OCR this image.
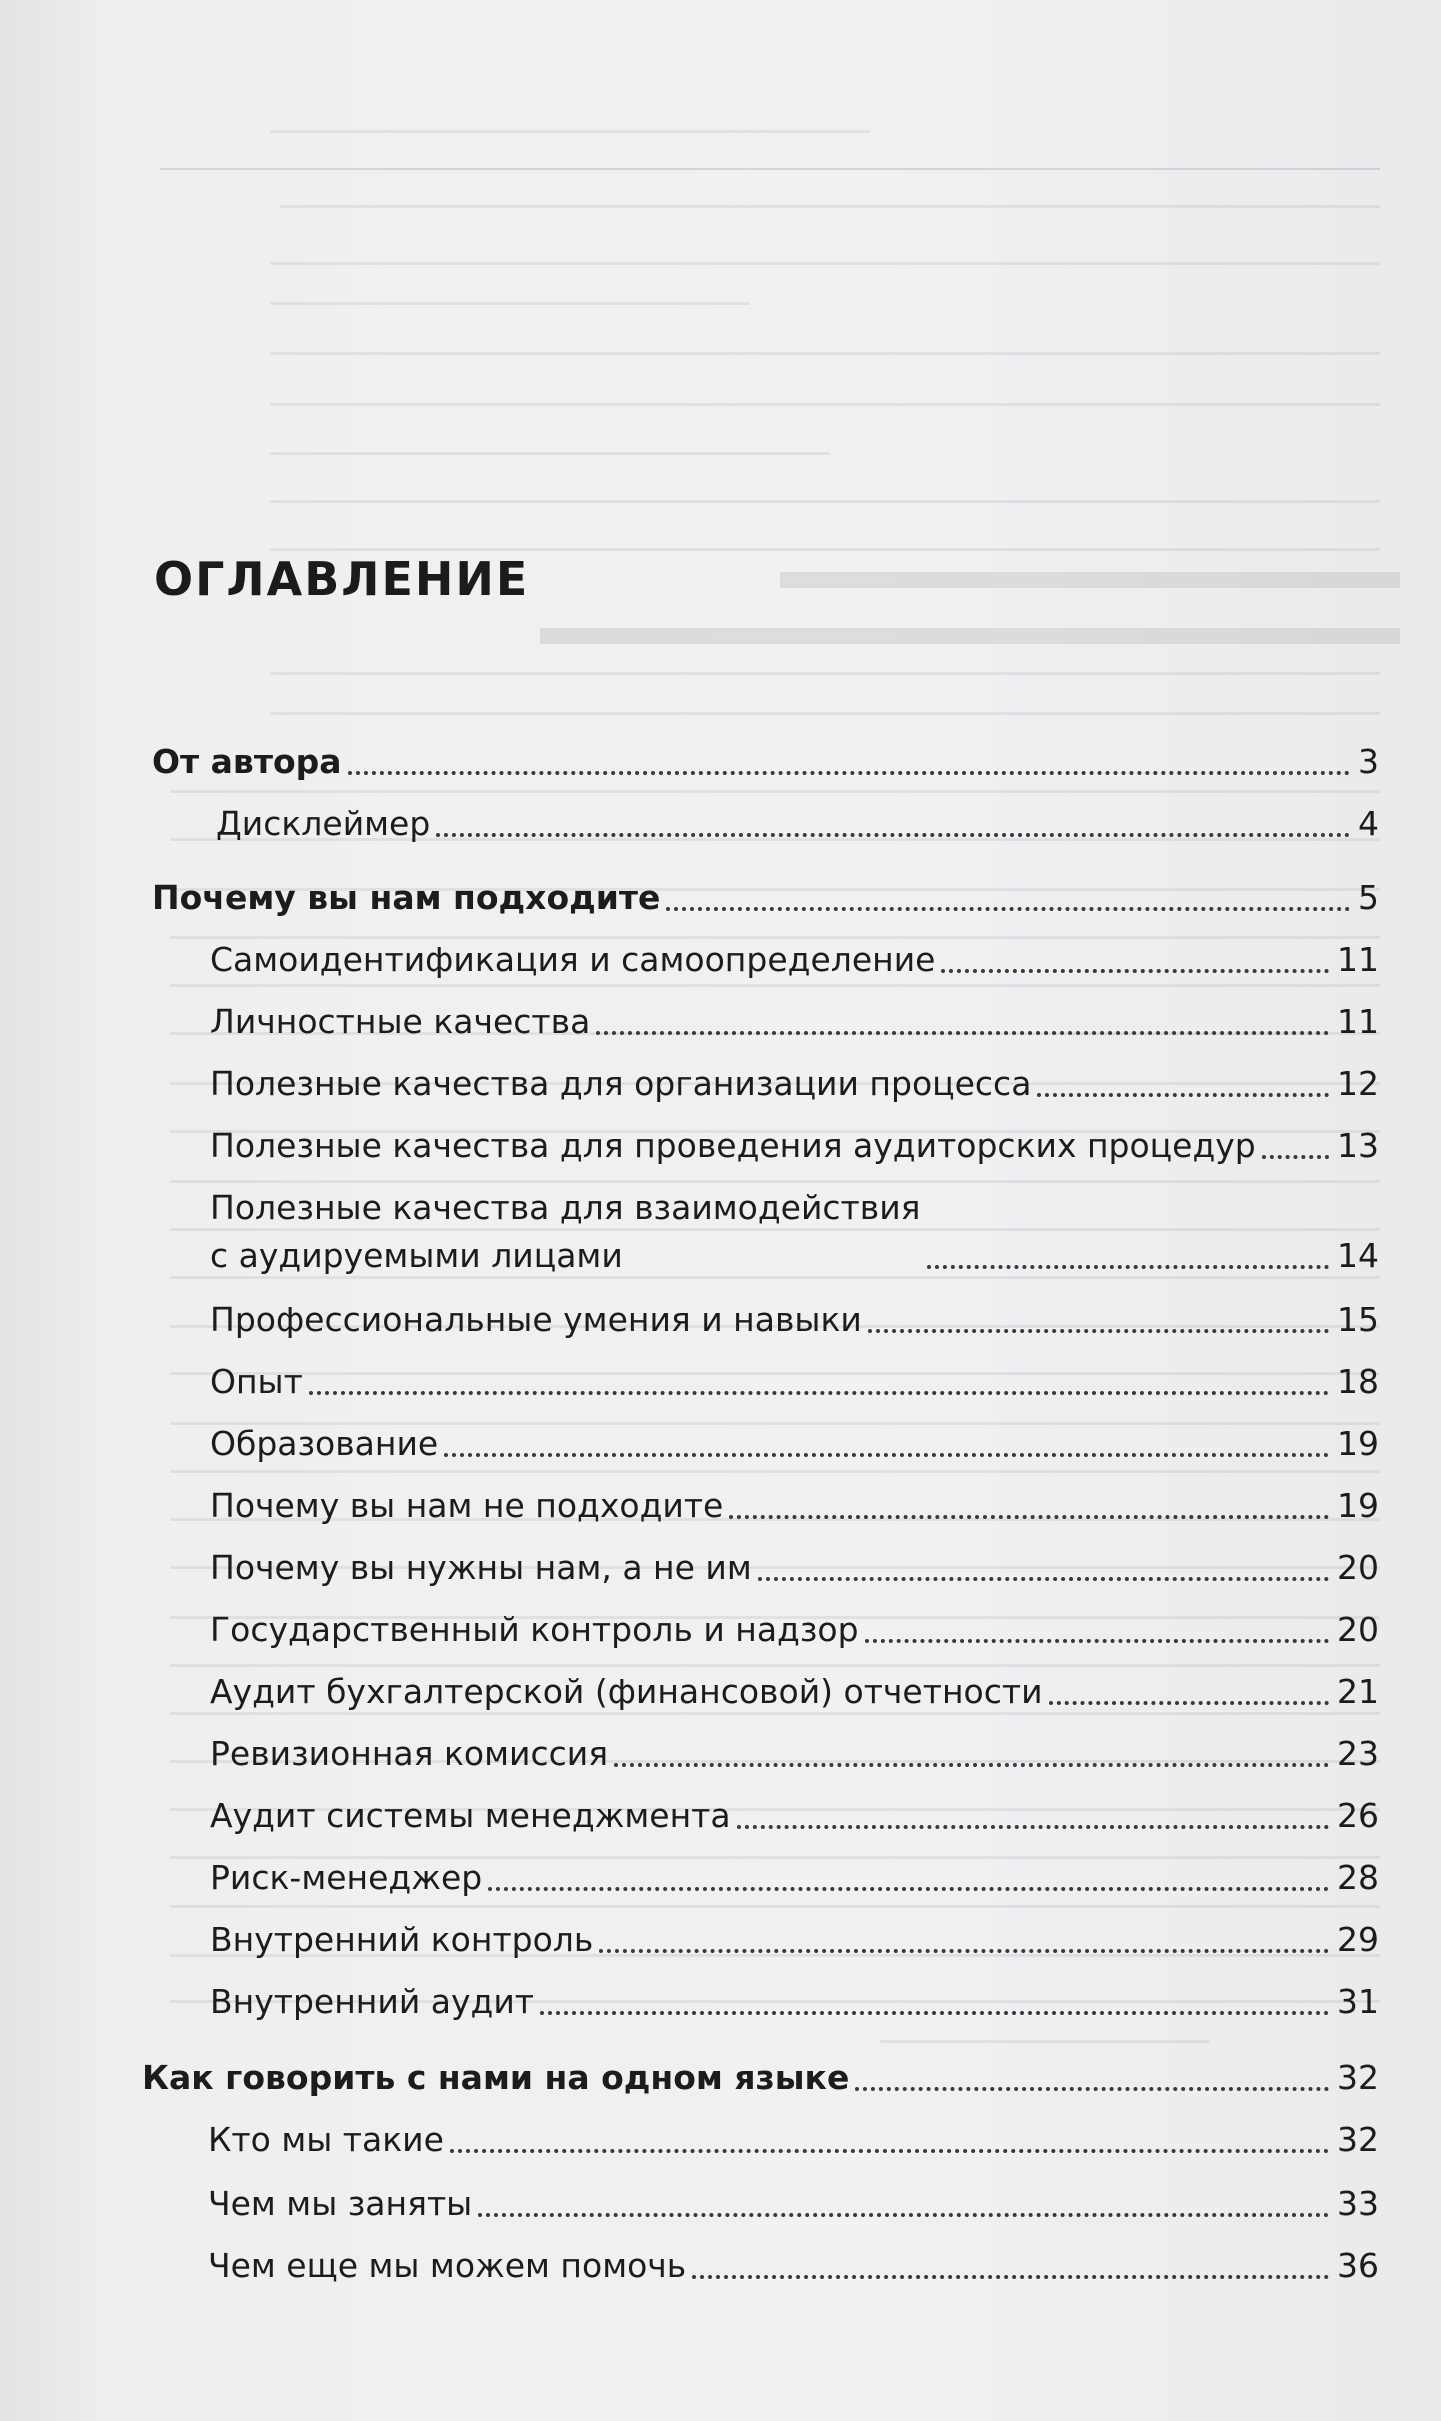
ОГЛАВЛЕНИЕ
От автора	3
Дисклеймер	4
Почему вы нам подходите	5
Самоидентификация и самоопределение	11
Личностные качества	11
Полезные качества для организации процесса	12
Полезные качества для проведения аудиторских процедур 13
Полезные качества для взаимодействия
с аудируемыми лицами	14
Профессиональные умения и навыки	15
Опыт	18
Образование	19
Почему вы нам не подходите	19
Почему вы нужны нам, а не им	20
Государственный контроль и надзор	20
Аудит бухгалтерской (финансовой) отчетности	21
Ревизионная комиссия	23
Аудит системы менеджмента	26
Риск-менеджер	28
Внутренний контроль	29
Внутренний аудит	31
Как говорить с нами на одном языке	32
Кто мы такие	32
Чем мы заняты	33
Чем еще мы можем помочь	36
